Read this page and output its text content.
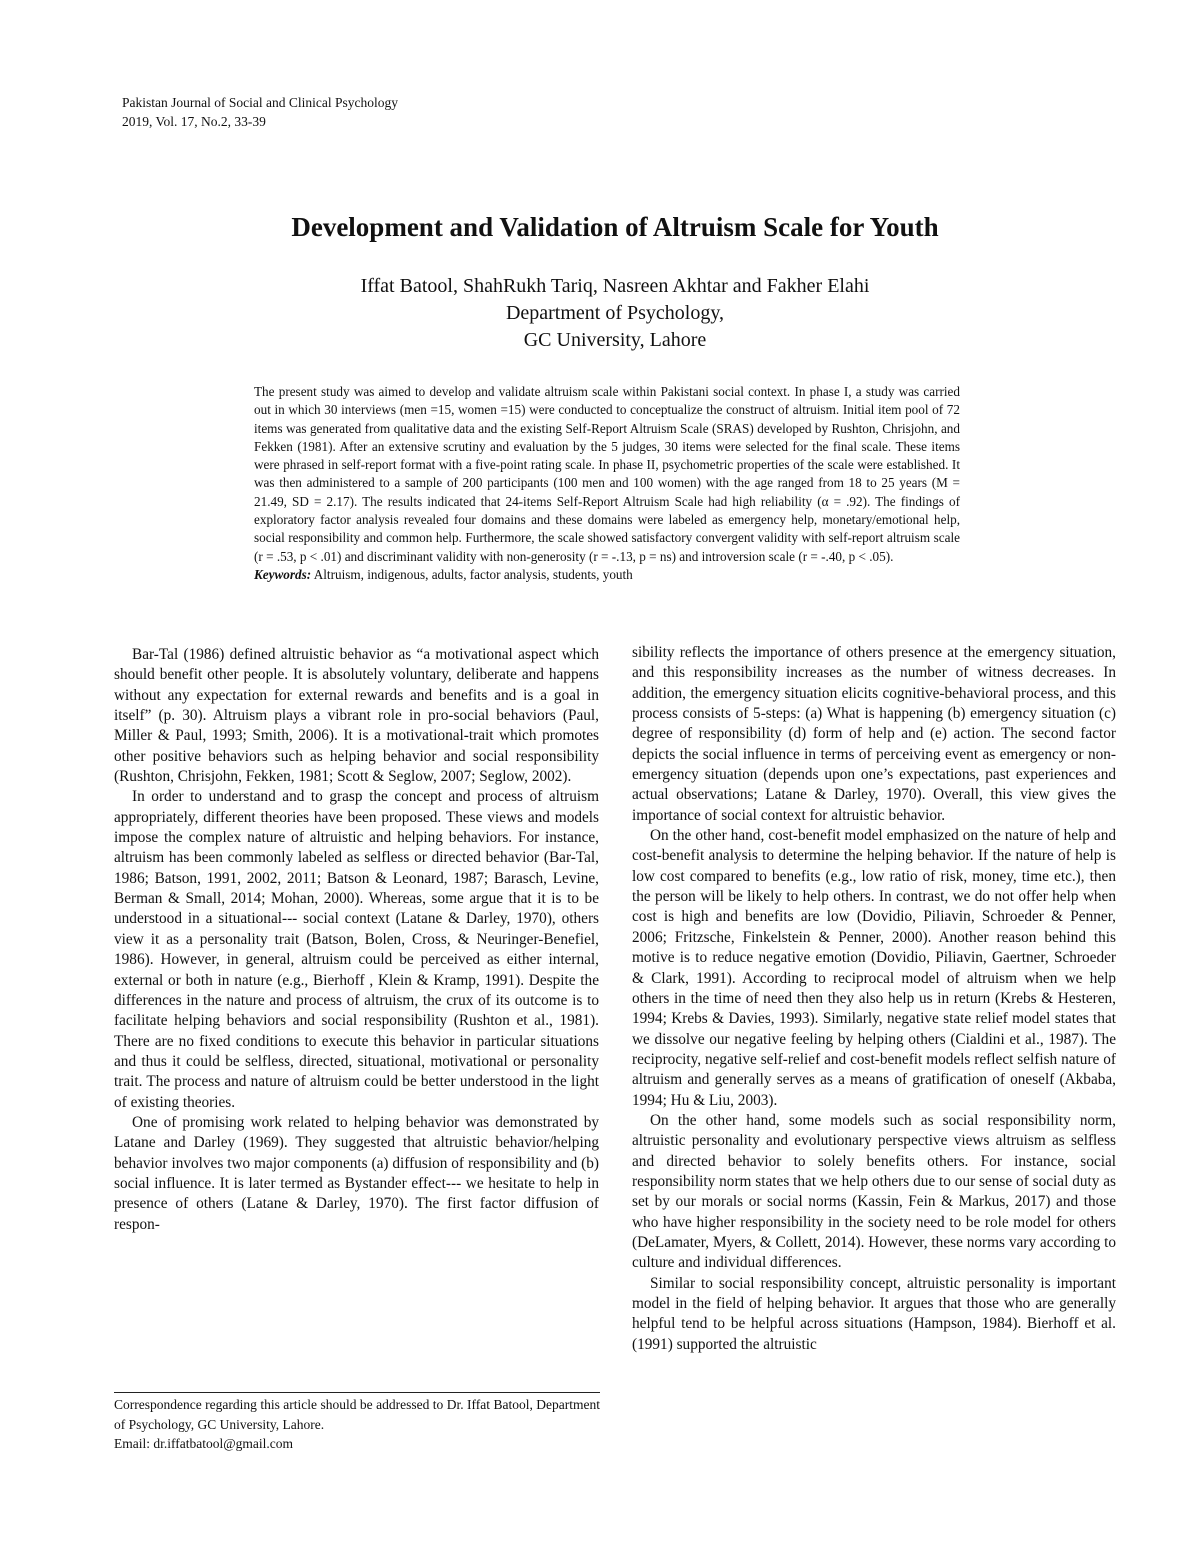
Pakistan Journal of Social and Clinical Psychology
2019, Vol. 17, No.2, 33-39
Development and Validation of Altruism Scale for Youth
Iffat Batool, ShahRukh Tariq, Nasreen Akhtar and Fakher Elahi
Department of Psychology,
GC University, Lahore
The present study was aimed to develop and validate altruism scale within Pakistani social context. In phase I, a study was carried out in which 30 interviews (men =15, women =15) were conducted to conceptualize the construct of altruism. Initial item pool of 72 items was generated from qualitative data and the existing Self-Report Altruism Scale (SRAS) developed by Rushton, Chrisjohn, and Fekken (1981). After an extensive scrutiny and evaluation by the 5 judges, 30 items were selected for the final scale. These items were phrased in self-report format with a five-point rating scale. In phase II, psychometric properties of the scale were established. It was then administered to a sample of 200 participants (100 men and 100 women) with the age ranged from 18 to 25 years (M = 21.49, SD = 2.17). The results indicated that 24-items Self-Report Altruism Scale had high reliability (α = .92). The findings of exploratory factor analysis revealed four domains and these domains were labeled as emergency help, monetary/emotional help, social responsibility and common help. Furthermore, the scale showed satisfactory convergent validity with self-report altruism scale (r = .53, p < .01) and discriminant validity with non-generosity (r = -.13, p = ns) and introversion scale (r = -.40, p < .05).
Keywords: Altruism, indigenous, adults, factor analysis, students, youth

Bar-Tal (1986) defined altruistic behavior as “a motivational aspect which should benefit other people. It is absolutely voluntary, deliberate and happens without any expectation for external rewards and benefits and is a goal in itself” (p. 30). Altruism plays a vibrant role in pro-social behaviors (Paul, Miller & Paul, 1993; Smith, 2006). It is a motivational-trait which promotes other positive behaviors such as helping behavior and social responsibility (Rushton, Chrisjohn, Fekken, 1981; Scott & Seglow, 2007; Seglow, 2002).

In order to understand and to grasp the concept and process of altruism appropriately, different theories have been proposed. These views and models impose the complex nature of altruistic and helping behaviors. For instance, altruism has been commonly labeled as selfless or directed behavior (Bar-Tal, 1986; Batson, 1991, 2002, 2011; Batson & Leonard, 1987; Barasch, Levine, Berman & Small, 2014; Mohan, 2000). Whereas, some argue that it is to be understood in a situational--- social context (Latane & Darley, 1970), others view it as a personality trait (Batson, Bolen, Cross, & Neuringer-Benefiel, 1986). However, in general, altruism could be perceived as either internal, external or both in nature (e.g., Bierhoff , Klein & Kramp, 1991). Despite the differences in the nature and process of altruism, the crux of its outcome is to facilitate helping behaviors and social responsibility (Rushton et al., 1981). There are no fixed conditions to execute this behavior in particular situations and thus it could be selfless, directed, situational, motivational or personality trait. The process and nature of altruism could be better understood in the light of existing theories.

One of promising work related to helping behavior was demonstrated by Latane and Darley (1969). They suggested that altruistic behavior/helping behavior involves two major components (a) diffusion of responsibility and (b) social influence. It is later termed as Bystander effect--- we hesitate to help in presence of others (Latane & Darley, 1970). The first factor diffusion of respon-

sibility reflects the importance of others presence at the emergency situation, and this responsibility increases as the number of witness decreases. In addition, the emergency situation elicits cognitive-behavioral process, and this process consists of 5-steps: (a) What is happening (b) emergency situation (c) degree of responsibility (d) form of help and (e) action. The second factor depicts the social influence in terms of perceiving event as emergency or non-emergency situation (depends upon one’s expectations, past experiences and actual observations; Latane & Darley, 1970). Overall, this view gives the importance of social context for altruistic behavior.

On the other hand, cost-benefit model emphasized on the nature of help and cost-benefit analysis to determine the helping behavior. If the nature of help is low cost compared to benefits (e.g., low ratio of risk, money, time etc.), then the person will be likely to help others. In contrast, we do not offer help when cost is high and benefits are low (Dovidio, Piliavin, Schroeder & Penner, 2006; Fritzsche, Finkelstein & Penner, 2000). Another reason behind this motive is to reduce negative emotion (Dovidio, Piliavin, Gaertner, Schroeder & Clark, 1991). According to reciprocal model of altruism when we help others in the time of need then they also help us in return (Krebs & Hesteren, 1994; Krebs & Davies, 1993). Similarly, negative state relief model states that we dissolve our negative feeling by helping others (Cialdini et al., 1987). The reciprocity, negative self-relief and cost-benefit models reflect selfish nature of altruism and generally serves as a means of gratification of oneself (Akbaba, 1994; Hu & Liu, 2003).

On the other hand, some models such as social responsibility norm, altruistic personality and evolutionary perspective views altruism as selfless and directed behavior to solely benefits others. For instance, social responsibility norm states that we help others due to our sense of social duty as set by our morals or social norms (Kassin, Fein & Markus, 2017) and those who have higher responsibility in the society need to be role model for others (DeLamater, Myers, & Collett, 2014). However, these norms vary according to culture and individual differences.

Similar to social responsibility concept, altruistic personality is important model in the field of helping behavior. It argues that those who are generally helpful tend to be helpful across situations (Hampson, 1984). Bierhoff et al. (1991) supported the altruistic

Correspondence regarding this article should be addressed to Dr. Iffat Batool, Department of Psychology, GC University, Lahore.
Email: dr.iffatbatool@gmail.com
